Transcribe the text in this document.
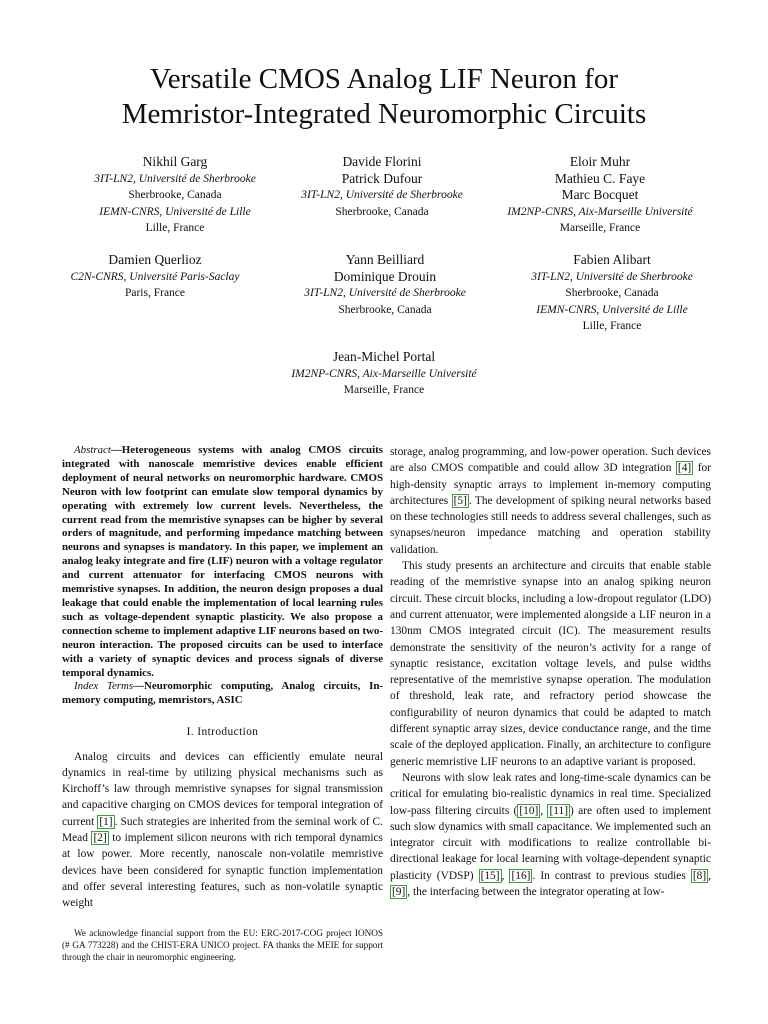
Versatile CMOS Analog LIF Neuron for
Memristor-Integrated Neuromorphic Circuits
Nikhil Garg
3IT-LN2, Université de Sherbrooke
Sherbrooke, Canada
IEMN-CNRS, Université de Lille
Lille, France
Davide Florini
Patrick Dufour
3IT-LN2, Université de Sherbrooke
Sherbrooke, Canada
Eloir Muhr
Mathieu C. Faye
Marc Bocquet
IM2NP-CNRS, Aix-Marseille Université
Marseille, France
Damien Querlioz
C2N-CNRS, Université Paris-Saclay
Paris, France
Yann Beilliard
Dominique Drouin
3IT-LN2, Université de Sherbrooke
Sherbrooke, Canada
Fabien Alibart
3IT-LN2, Université de Sherbrooke
Sherbrooke, Canada
IEMN-CNRS, Université de Lille
Lille, France
Jean-Michel Portal
IM2NP-CNRS, Aix-Marseille Université
Marseille, France

Abstract—Heterogeneous systems with analog CMOS circuits integrated with nanoscale memristive devices enable efficient deployment of neural networks on neuromorphic hardware. CMOS Neuron with low footprint can emulate slow temporal dynamics by operating with extremely low current levels. Nevertheless, the current read from the memristive synapses can be higher by several orders of magnitude, and performing impedance matching between neurons and synapses is mandatory. In this paper, we implement an analog leaky integrate and fire (LIF) neuron with a voltage regulator and current attenuator for interfacing CMOS neurons with memristive synapses. In addition, the neuron design proposes a dual leakage that could enable the implementation of local learning rules such as voltage-dependent synaptic plasticity. We also propose a connection scheme to implement adaptive LIF neurons based on two-neuron interaction. The proposed circuits can be used to interface with a variety of synaptic devices and process signals of diverse temporal dynamics.

Index Terms—Neuromorphic computing, Analog circuits, In-memory computing, memristors, ASIC

I. Introduction

Analog circuits and devices can efficiently emulate neural dynamics in real-time by utilizing physical mechanisms such as Kirchoff’s law through memristive synapses for signal transmission and capacitive charging on CMOS devices for temporal integration of current [1] . Such strategies are inherited from the seminal work of C. Mead [2] to implement silicon neurons with rich temporal dynamics at low power. More recently, nanoscale non-volatile memristive devices have been considered for synaptic function implementation and offer several interesting features, such as non-volatile synaptic weight

We acknowledge financial support from the EU: ERC-2017-COG project IONOS (# GA 773228) and the CHIST-ERA UNICO project. FA thanks the MEIE for support through the chair in neuromorphic engineering.

storage, analog programming, and low-power operation. Such devices are also CMOS compatible and could allow 3D integration [4] for high-density synaptic arrays to implement in-memory computing architectures [5] . The development of spiking neural networks based on these technologies still needs to address several challenges, such as synapses/neuron impedance matching and operation stability validation.

This study presents an architecture and circuits that enable stable reading of the memristive synapse into an analog spiking neuron circuit. These circuit blocks, including a low-dropout regulator (LDO) and current attenuator, were implemented alongside a LIF neuron in a 130nm CMOS integrated circuit (IC). The measurement results demonstrate the sensitivity of the neuron’s activity for a range of synaptic resistance, excitation voltage levels, and pulse widths representative of the memristive synapse operation. The modulation of threshold, leak rate, and refractory period showcase the configurability of neuron dynamics that could be adapted to match different synaptic array sizes, device conductance range, and the time scale of the deployed application. Finally, an architecture to configure generic memristive LIF neurons to an adaptive variant is proposed.

Neurons with slow leak rates and long-time-scale dynamics can be critical for emulating bio-realistic dynamics in real time. Specialized low-pass filtering circuits ( [10] , [11] ) are often used to implement such slow dynamics with small capacitance. We implemented such an integrator circuit with modifications to realize controllable bi-directional leakage for local learning with voltage-dependent synaptic plasticity (VDSP) [15] , [16] . In contrast to previous studies [8] , [9] , the interfacing between the integrator operating at low-
